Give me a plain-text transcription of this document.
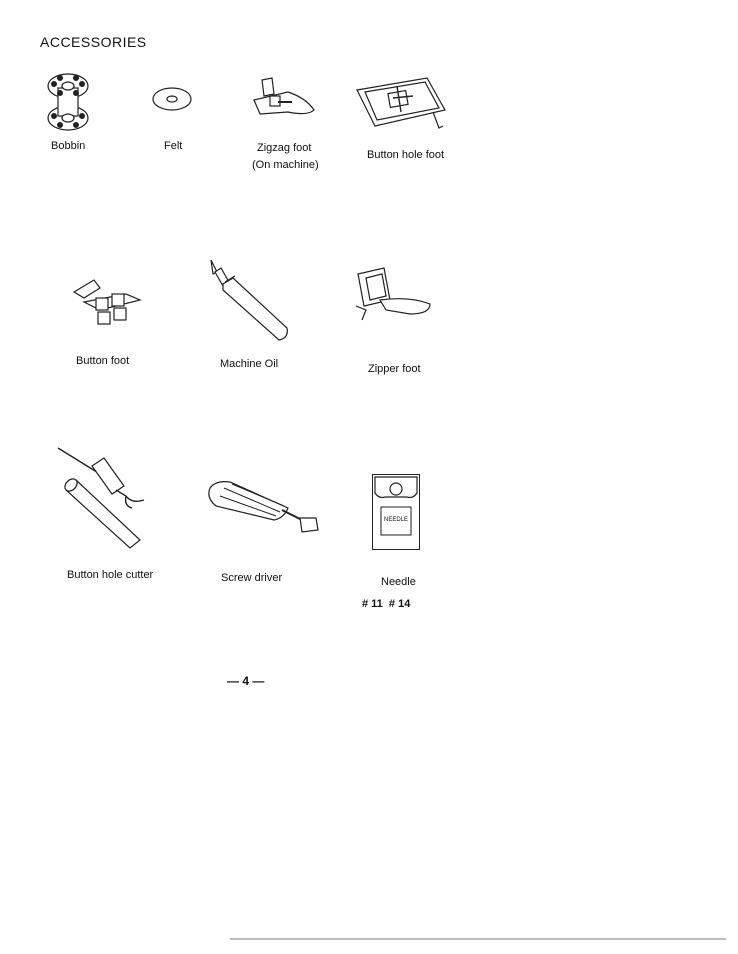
ACCESSORIES
Bobbin	Felt	Zigzag foot
(On machine)
Button hole foot
Button foot	Machine Oil	Zipper foot
Button hole cutter	Screw driver
NEEDLE
Needle
# 11  # 14
— 4 —
